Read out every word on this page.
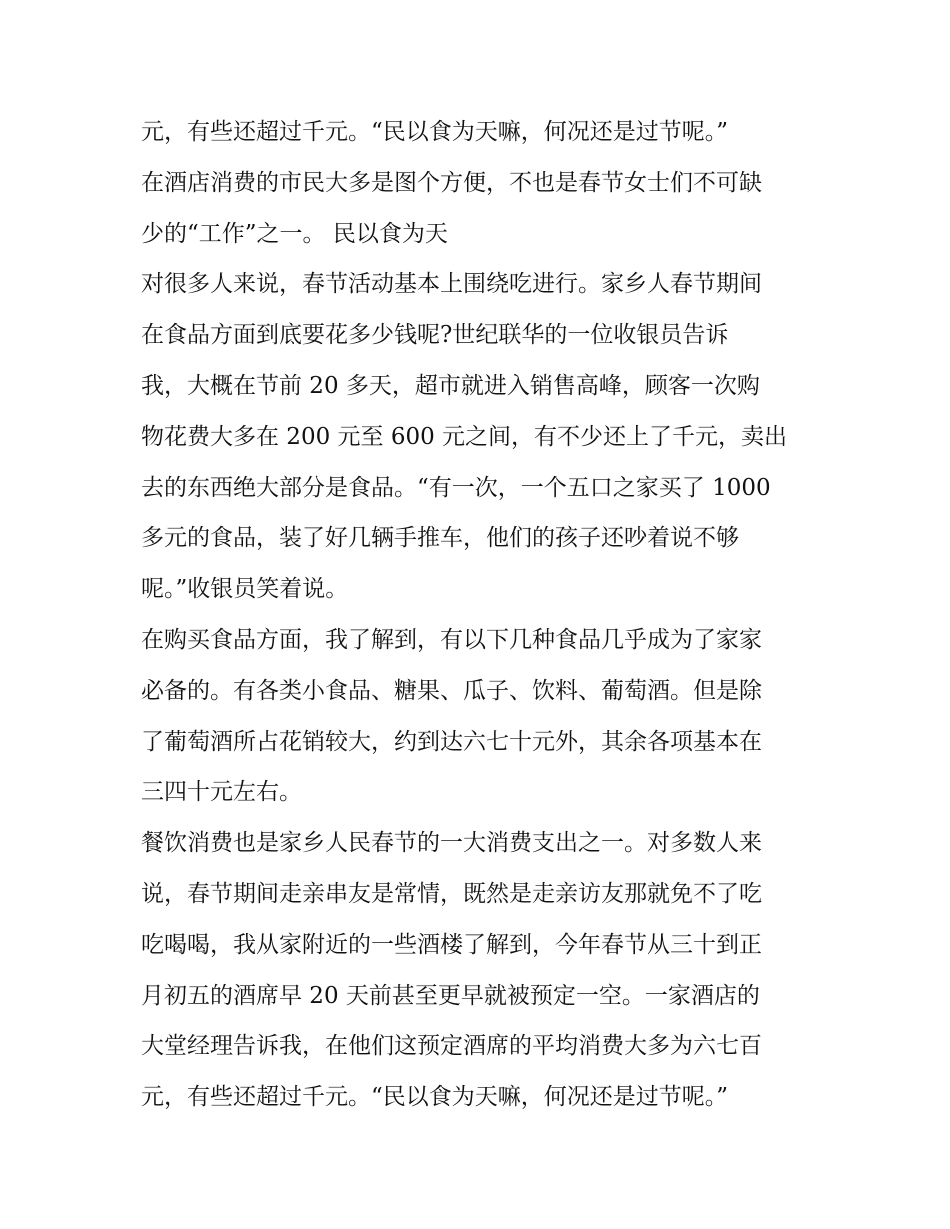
元，有些还超过千元。“民以食为天嘛，何况还是过节呢。”
在酒店消费的市民大多是图个方便，不也是春节女士们不可缺
少的“工作”之一。 民以食为天
对很多人来说，春节活动基本上围绕吃进行。家乡人春节期间
在食品方面到底要花多少钱呢?世纪联华的一位收银员告诉
我，大概在节前 20 多天，超市就进入销售高峰，顾客一次购
物花费大多在 200 元至 600 元之间，有不少还上了千元，卖出
去的东西绝大部分是食品。“有一次，一个五口之家买了 1000
多元的食品，装了好几辆手推车，他们的孩子还吵着说不够
呢。”收银员笑着说。
在购买食品方面，我了解到，有以下几种食品几乎成为了家家
必备的。有各类小食品、糖果、瓜子、饮料、葡萄酒。但是除
了葡萄酒所占花销较大，约到达六七十元外，其余各项基本在
三四十元左右。
餐饮消费也是家乡人民春节的一大消费支出之一。对多数人来
说，春节期间走亲串友是常情，既然是走亲访友那就免不了吃
吃喝喝，我从家附近的一些酒楼了解到，今年春节从三十到正
月初五的酒席早 20 天前甚至更早就被预定一空。一家酒店的
大堂经理告诉我，在他们这预定酒席的平均消费大多为六七百
元，有些还超过千元。“民以食为天嘛，何况还是过节呢。”
